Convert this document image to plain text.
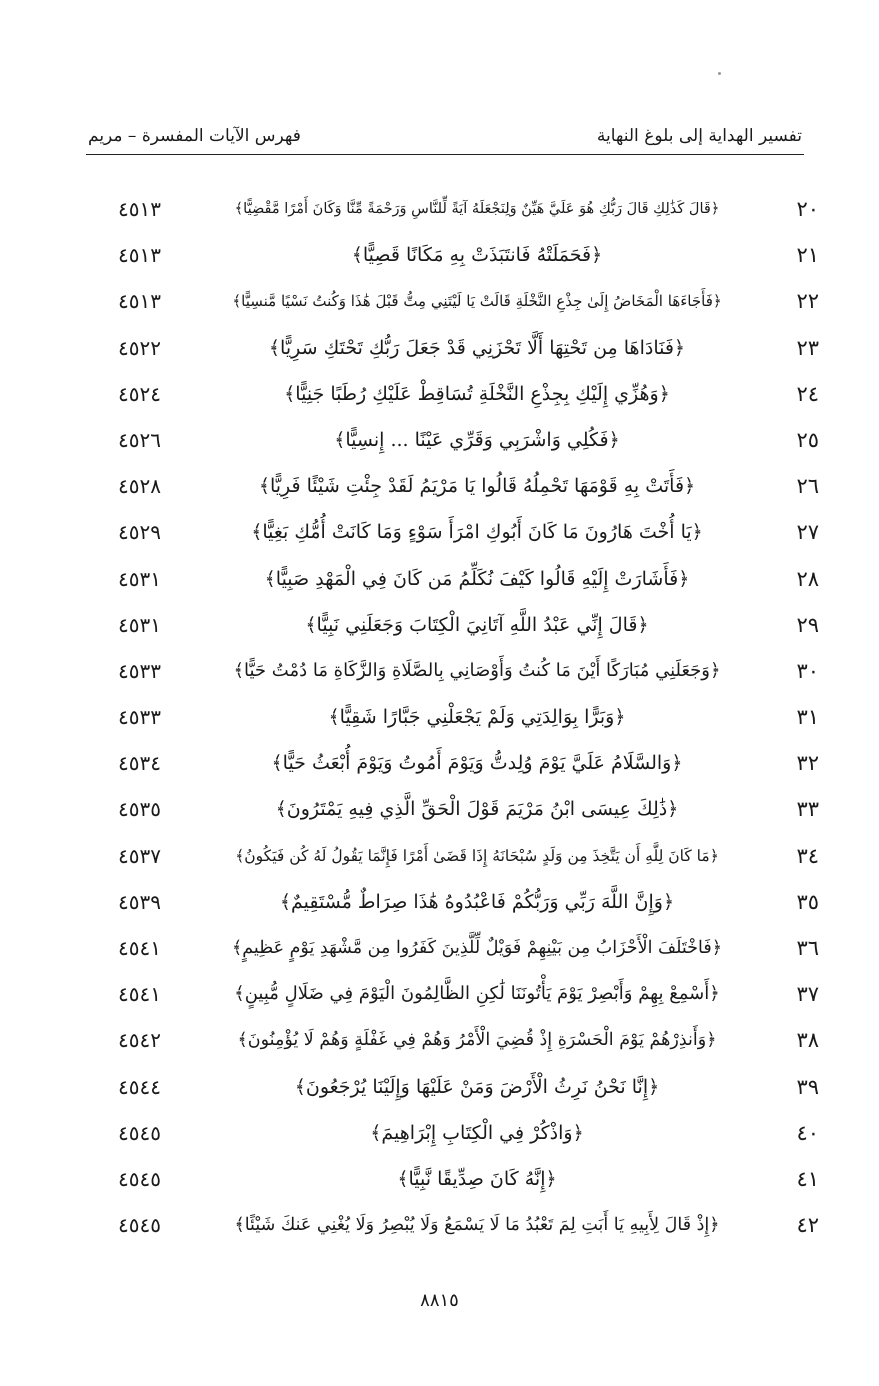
تفسير الهداية إلى بلوغ النهاية
فهرس الآيات المفسرة – مريم
٢٠
﴿قَالَ كَذَٰلِكِ قَالَ رَبُّكِ هُوَ عَلَيَّ هَيِّنٌ وَلِنَجْعَلَهُ آيَةً لِّلنَّاسِ وَرَحْمَةً مِّنَّا وَكَانَ أَمْرًا مَّقْضِيًّا﴾
٤٥١٣
٢١
﴿فَحَمَلَتْهُ فَانتَبَذَتْ بِهِ مَكَانًا قَصِيًّا﴾
٤٥١٣
٢٢
﴿فَأَجَاءَهَا الْمَخَاضُ إِلَىٰ جِذْعِ النَّخْلَةِ قَالَتْ يَا لَيْتَنِي مِتُّ قَبْلَ هَٰذَا وَكُنتُ نَسْيًا مَّنسِيًّا﴾
٤٥١٣
٢٣
﴿فَنَادَاهَا مِن تَحْتِهَا أَلَّا تَحْزَنِي قَدْ جَعَلَ رَبُّكِ تَحْتَكِ سَرِيًّا﴾
٤٥٢٢
٢٤
﴿وَهُزِّي إِلَيْكِ بِجِذْعِ النَّخْلَةِ تُسَاقِطْ عَلَيْكِ رُطَبًا جَنِيًّا﴾
٤٥٢٤
٢٥
﴿فَكُلِي وَاشْرَبِي وَقَرِّي عَيْنًا ... إِنسِيًّا﴾
٤٥٢٦
٢٦
﴿فَأَتَتْ بِهِ قَوْمَهَا تَحْمِلُهُ قَالُوا يَا مَرْيَمُ لَقَدْ جِئْتِ شَيْئًا فَرِيًّا﴾
٤٥٢٨
٢٧
﴿يَا أُخْتَ هَارُونَ مَا كَانَ أَبُوكِ امْرَأَ سَوْءٍ وَمَا كَانَتْ أُمُّكِ بَغِيًّا﴾
٤٥٢٩
٢٨
﴿فَأَشَارَتْ إِلَيْهِ قَالُوا كَيْفَ نُكَلِّمُ مَن كَانَ فِي الْمَهْدِ صَبِيًّا﴾
٤٥٣١
٢٩
﴿قَالَ إِنِّي عَبْدُ اللَّهِ آتَانِيَ الْكِتَابَ وَجَعَلَنِي نَبِيًّا﴾
٤٥٣١
٣٠
﴿وَجَعَلَنِي مُبَارَكًا أَيْنَ مَا كُنتُ وَأَوْصَانِي بِالصَّلَاةِ وَالزَّكَاةِ مَا دُمْتُ حَيًّا﴾
٤٥٣٣
٣١
﴿وَبَرًّا بِوَالِدَتِي وَلَمْ يَجْعَلْنِي جَبَّارًا شَقِيًّا﴾
٤٥٣٣
٣٢
﴿وَالسَّلَامُ عَلَيَّ يَوْمَ وُلِدتُّ وَيَوْمَ أَمُوتُ وَيَوْمَ أُبْعَثُ حَيًّا﴾
٤٥٣٤
٣٣
﴿ذَٰلِكَ عِيسَى ابْنُ مَرْيَمَ قَوْلَ الْحَقِّ الَّذِي فِيهِ يَمْتَرُونَ﴾
٤٥٣٥
٣٤
﴿مَا كَانَ لِلَّهِ أَن يَتَّخِذَ مِن وَلَدٍ سُبْحَانَهُ إِذَا قَضَىٰ أَمْرًا فَإِنَّمَا يَقُولُ لَهُ كُن فَيَكُونُ﴾
٤٥٣٧
٣٥
﴿وَإِنَّ اللَّهَ رَبِّي وَرَبُّكُمْ فَاعْبُدُوهُ هَٰذَا صِرَاطٌ مُّسْتَقِيمٌ﴾
٤٥٣٩
٣٦
﴿فَاخْتَلَفَ الْأَحْزَابُ مِن بَيْنِهِمْ فَوَيْلٌ لِّلَّذِينَ كَفَرُوا مِن مَّشْهَدِ يَوْمٍ عَظِيمٍ﴾
٤٥٤١
٣٧
﴿أَسْمِعْ بِهِمْ وَأَبْصِرْ يَوْمَ يَأْتُونَنَا لَٰكِنِ الظَّالِمُونَ الْيَوْمَ فِي ضَلَالٍ مُّبِينٍ﴾
٤٥٤١
٣٨
﴿وَأَنذِرْهُمْ يَوْمَ الْحَسْرَةِ إِذْ قُضِيَ الْأَمْرُ وَهُمْ فِي غَفْلَةٍ وَهُمْ لَا يُؤْمِنُونَ﴾
٤٥٤٢
٣٩
﴿إِنَّا نَحْنُ نَرِثُ الْأَرْضَ وَمَنْ عَلَيْهَا وَإِلَيْنَا يُرْجَعُونَ﴾
٤٥٤٤
٤٠
﴿وَاذْكُرْ فِي الْكِتَابِ إِبْرَاهِيمَ﴾
٤٥٤٥
٤١
﴿إِنَّهُ كَانَ صِدِّيقًا نَّبِيًّا﴾
٤٥٤٥
٤٢
﴿إِذْ قَالَ لِأَبِيهِ يَا أَبَتِ لِمَ تَعْبُدُ مَا لَا يَسْمَعُ وَلَا يُبْصِرُ وَلَا يُغْنِي عَنكَ شَيْئًا﴾
٤٥٤٥
٨٨١٥
